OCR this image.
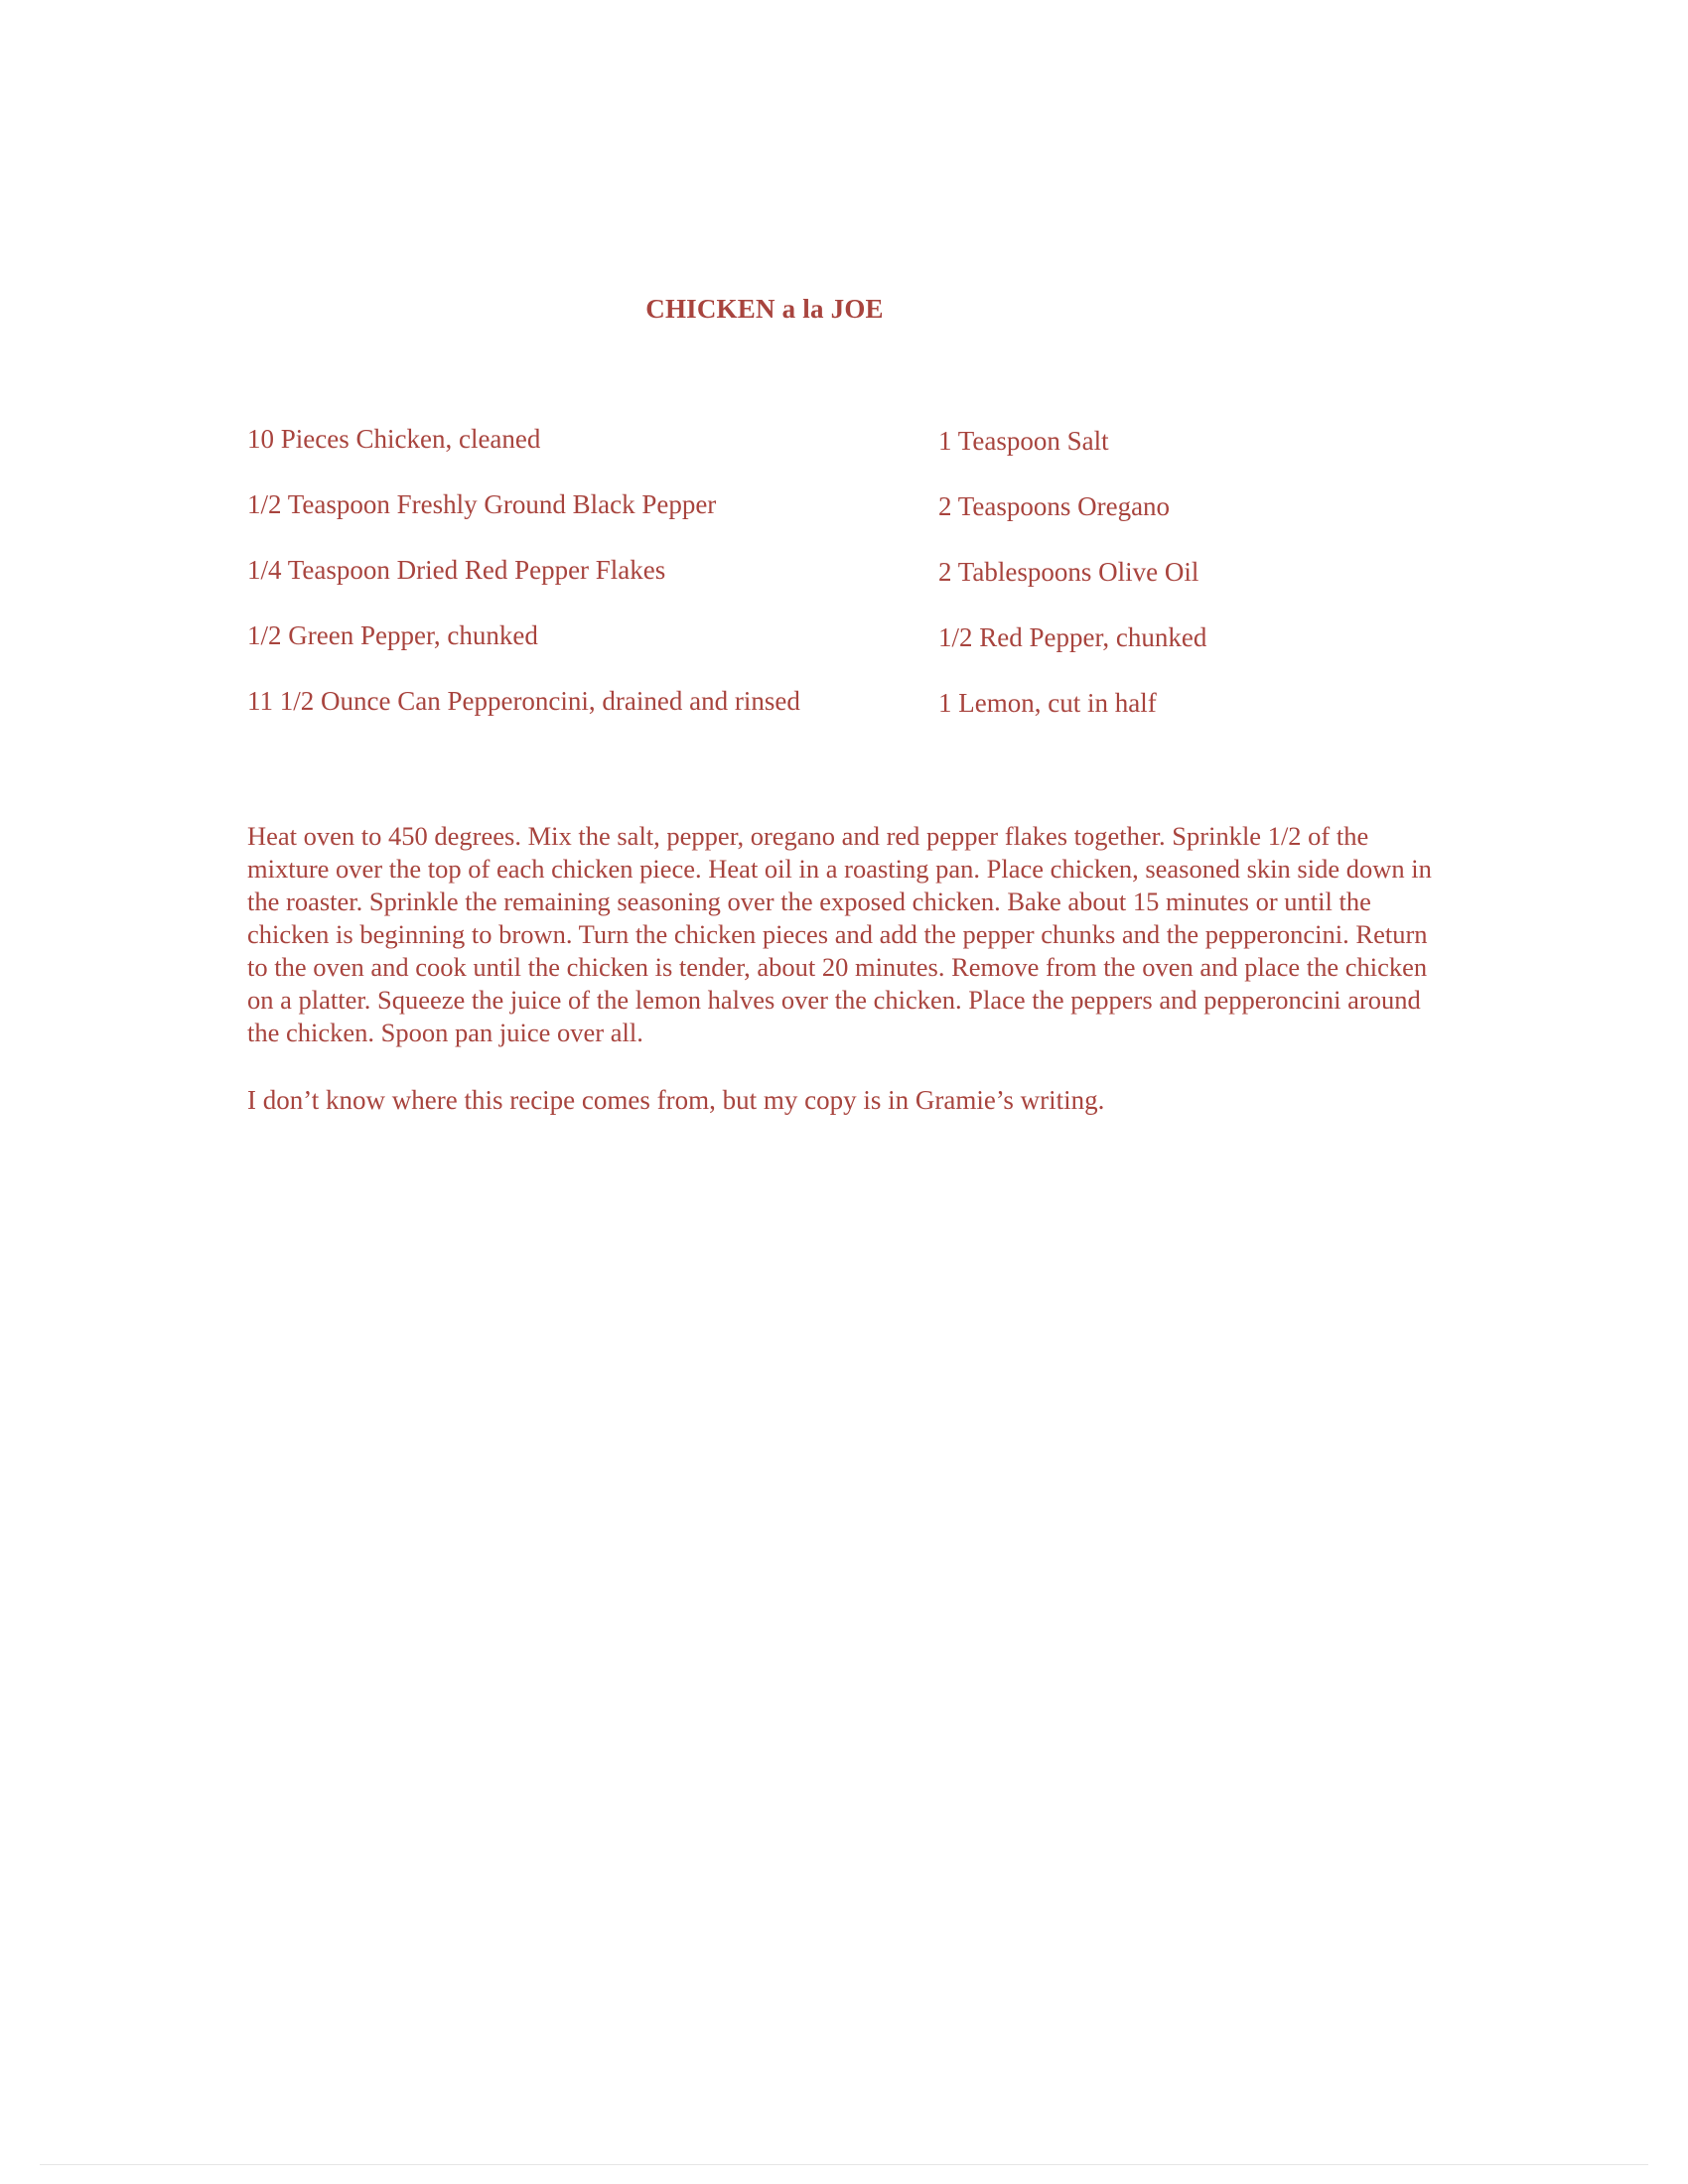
CHICKEN a la JOE
10 Pieces Chicken, cleaned
1/2 Teaspoon Freshly Ground Black Pepper
1/4 Teaspoon Dried Red Pepper Flakes
1/2 Green Pepper, chunked
11 1/2 Ounce Can Pepperoncini, drained and rinsed
1 Teaspoon Salt
2 Teaspoons Oregano
2 Tablespoons Olive Oil
1/2 Red Pepper, chunked
1 Lemon, cut in half

Heat oven to 450 degrees. Mix the salt, pepper, oregano and red pepper flakes together. Sprinkle 1/2 of the mixture over the top of each chicken piece. Heat oil in a roasting pan. Place chicken, seasoned skin side down in the roaster. Sprinkle the remaining seasoning over the exposed chicken. Bake about 15 minutes or until the chicken is beginning to brown. Turn the chicken pieces and add the pepper chunks and the pepperoncini. Return to the oven and cook until the chicken is tender, about 20 minutes. Remove from the oven and place the chicken on a platter. Squeeze the juice of the lemon halves over the chicken. Place the peppers and pepperoncini around the chicken. Spoon pan juice over all.

I don’t know where this recipe comes from, but my copy is in Gramie’s writing.
